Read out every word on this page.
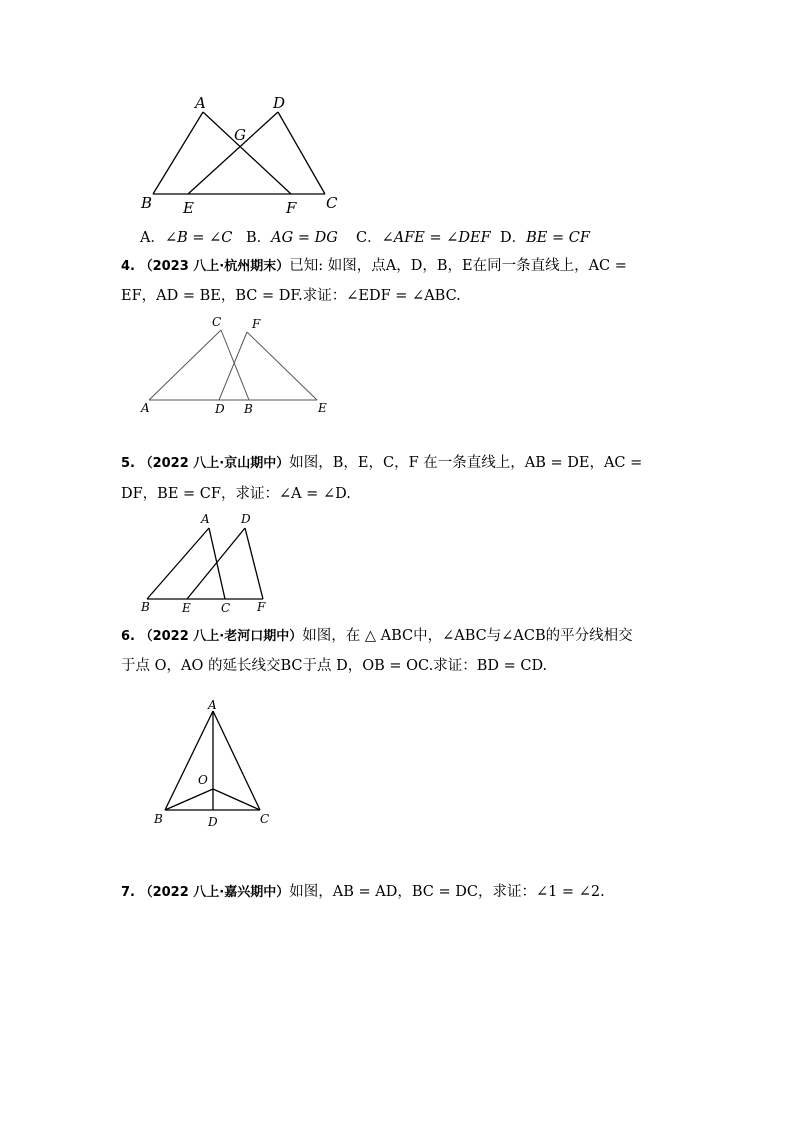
A	D
G
B E	F C
A．∠B = ∠C B．AG = DG C．∠AFE = ∠DEF D．BE = CF
4. （2023 八上·杭州期末）已知: 如图，点A，D，B，E在同一条直线上，AC =
EF，AD = BE，BC = DF.求证：∠EDF = ∠ABC.
C	F
A	D B	E
5. （2022 八上·京山期中）如图，B，E，C，F 在一条直线上，AB = DE，AC =
DF，BE = CF，求证：∠A = ∠D.
A	D
B	E	C F
6. （2022 八上·老河口期中）如图，在 △ ABC中，∠ABC与∠ACB的平分线相交
于点 O，AO 的延长线交BC于点 D，OB = OC.求证：BD = CD.
A
O
B	D	C
7. （2022 八上·嘉兴期中）如图，AB = AD，BC = DC，求证：∠1 = ∠2.
